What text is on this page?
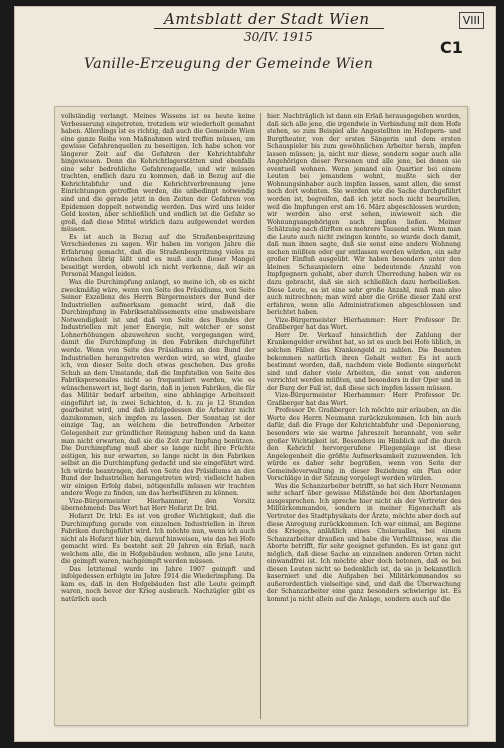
Amtsblatt der Stadt Wien
30/IV. 1915
Vanille-Erzeugung der Gemeinde Wien
VIII
C1

vollständig verlangt. Meines Wissens ist es heute keine Verbesserung eingetreten, trotzdem wir wiederholt gemahnt haben. Allerdings ist es richtig, daß auch die Gemeinde Wien eine ganze Reihe von Maßnahmen wird treffen müssen, um gewisse Gefahrenquellen zu beseitigen. Ich habe schon vor längerer Zeit auf die Gefahren der Kehrichtabfuhr hingewiesen. Denn die Kehrichtlagerstätten sind ebenfalls eine sehr bedrohliche Gefahrenquelle, und wir müssen trachten, endlich dazu zu kommen, daß in Bezug auf die Kehrichtabfuhr und die Kehrichtverbrennung jene Einrichtungen getroffen werden, die unbedingt notwendig sind und die gerade jetzt in den Zeiten der Gefahren von Epidemien doppelt notwendig werden. Das wird uns leider Geld kosten, aber schließlich und endlich ist die Gefahr so groß, daß diese Mittel wirklich dazu aufgewendet werden müssen.

Es ist auch in Bezug auf die Straßenbespritzung Verschiedenes zu sagen. Wir haben im vorigen Jahre die Erfahrung gemacht, daß die Straßenbespritzung vieles zu wünschen übrig läßt und es muß auch dieser Mangel beseitigt werden, obwohl ich nicht verkenne, daß wir an Personal Mangel leiden.

Was die Durchimpfung anlangt, so meine ich, ob es nicht zweckmäßig wäre, wenn von Seite des Präsidiums, von Seite Seiner Exzellenz des Herrn Bürgermeisters der Bund der Industriellen aufmerksam gemacht wird, daß die Durchimpfung in Fabriksetablissements eine unabweisbare Notwendigkeit ist und daß von Seite des Bundes der Industriellen mit jener Energie, mit welcher er sonst Lohnerhöhungen abzuwehren sucht, vorgegangen wird, damit die Durchimpfung in den Fabriken durchgeführt werde. Wenn von Seite des Präsidiums an den Bund der Industriellen herangetreten werden wird, so wird, glaube ich, von dieser Seite doch etwas geschehen. Das große Schuh an dem Umstande, daß die Impfstellen von Seite des Fabrikspersonales nicht so frequentiert werden, wie es wünschenswert ist, liegt darin, daß in jenen Fabriken, die für das Militär bedarf arbeiten, eine abhängige Arbeitszeit eingeführt ist, in zwei Schichten, d. h. zu je 12 Stunden gearbeitet wird, und daß infolgedessen die Arbeiter nicht dazukommen, sich impfen zu lassen. Der Sonntag ist der einzige Tag, an welchem die betreffenden Arbeiter Gelegenheit zur gründlicher Reinigung haben und da kann man nicht erwarten, daß sie die Zeit zur Impfung benützen. Die Durchimpfung muß aber so lange nicht ihre Früchte zeitigen, bis nur erwarten, so lange nicht in den Fabriken selbst an die Durchimpfung gedacht und sie eingeführt wird. Ich würde beantragen, daß von Seite des Präsidiums an den Bund der Industriellen herangetreten wird; vielleicht haben wir einigen Erfolg dabei, nötigenfalls müssen wir trachten andere Wege zu finden, um das herbeiführen zu können.

Vize-Bürgermeister Hierhammer, den Vorsitz übernehmend: Das Wort hat Herr Hofarzt Dr. Irkl.

Hofarzt Dr. Irkl: Es ist von großer Wichtigkeit, daß die Durchimpfung gerade von einzelnen Industriellen in ihren Fabriken durchgeführt wird. Ich möchte nun, wenn ich auch nicht als Hofarzt hier bin, darauf hinweisen, wie das bei Hofe gemacht wird. Es besteht seit 20 Jahren ein Erlaß, nach welchem alle, die in Hofgebäuden wohnen, alle jene Leute, die geimpft waren, nachgeimpft werden müssen.

Das letztemal wurde im Jahre 1907 geimpft und infolgedessen erfolgte im Jahre 1914 die Wiederimpfung. Da kam es, daß in den Hofgebäuden fast alle Leute geimpft waren, noch bevor der Krieg ausbrach. Nachzügler gibt es natürlich auch

hier. Nachträglich ist dann ein Erlaß herausgegeben worden, daß sich alle jene, die irgendwie in Verbindung mit dem Hofe stehen, so zum Beispiel alle Angestellten im Hofopern- und Burgtheater, von der ersten Sängerin und dem ersten Schauspieler bis zum gewöhnlichen Arbeiter herab, impfen lassen müssen; ja, nicht nur diese, sondern sogar auch alle Angehörigen dieser Personen und alle jene, bei denen sie eventuell wohnen. Wenn jemand ein Quartier bei einem Leuten bei jemandem wohnt, mußte sich der Wohnungsinhaber auch impfen lassen, samt allen, die sonst noch dort wohnten. Sie werden wie die Sache durchgeführt worden ist, begreifen, daß ich jetzt noch nicht beurteilen, weil die Impfungen erst am 16. März abgeschlossen wurden; wir werden also erst sehen, inwieweit sich die Wohnungsangehörigen auch impfen ließen. Meiner Schätzung nach dürften es mehrere Tausend sein. Wenn man die Leute auch nicht zwingen konnte, so wurde doch damit, daß man ihnen sagte, daß sie sonst eine andere Wohnung suchen müßten oder gar entlassen werden würden, ein sehr großer Einfluß ausgeübt. Wir haben besonders unter den kleinen Schauspielern eine bedeutende Anzahl von Impfgegnern gehabt, aber durch Überredung haben wir es dazu gebracht, daß sie sich schließlich dazu herbeiließen. Diese Leute, es ist eine sehr große Anzahl, muß man also auch mitrechnen; man wird aber die Größe dieser Zahl erst erfahren, wenn alle Administrationen abgeschlossen und berichtet haben.

Vize-Bürgermeister Hierhammer: Herr Professor Dr. Graßberger hat das Wort.

Herr Dr. Verkauf hinsichtlich der Zahlung der Krankengelder erwähnt hat, so ist es auch bei Hofe üblich, in solchen Fällen das Krankengeld zu zahlen. Die Beamten bekommen natürlich ihren Gehalt weiter. Es ist auch bestimmt worden, daß, nachdem viele Bediente eingerückt sind und daher viele Arbeiten, die sonst von anderen verrichtet werden müßten, und besonders in der Oper und in der Burg der Fall ist, daß diese sich impfen lassen müssen.

Vize-Bürgermeister Hierhammer: Herr Professor Dr. Graßberger hat das Wort.

Professor Dr. Graßberger: Ich möchte mir erlauben, an die Worte des Herrn Neumann zurückzukommen. Ich bin auch dafür, daß die Frage der Kehrichtabfuhr und -Deponierung, besonders wie sie warme Jahreszeit herannaht, von sehr großer Wichtigkeit ist. Besonders im Hinblick auf die durch den Kehricht hervorgerufene Fliegenplage ist diese Angelegenheit die größte Aufmerksamkeit zuzuwenden. Ich würde es daher sehr begrüßen, wenn von Seite der Gemeindeverwaltung in dieser Beziehung ein Plan oder Vorschläge in der Sitzung vorgelegt werden würden.

Was die Schanzarbeiter betrifft, so hat sich Herr Neumann sehr scharf über gewisse Mißstände bei den Abortanlagen ausgesprochen. Ich spreche hier nicht als der Vertreter des Militärkommandos, sondern in meiner Eigenschaft als Vertreter des Stadtphysikats der Ärzte, möchte aber doch auf diese Anregung zurückkommen. Ich war einmal, am Beginne des Krieges, anläßlich eines Choleraalles, bei einem Schanzarbeiter draußen und habe die Verhältnisse, was die Aborte betrifft, für sehr geeignet gefunden. Es ist ganz gut möglich, daß diese Sache an einzelnen anderen Orten nicht einwandfrei ist. Ich möchte aber doch betonen, daß es bei diesen Leuten nicht so bedenklich ist, da sie ja bekanntlich kaserniert und die Aufgaben bei Militärkommandos so außerordentlich vielseitige sind, und daß die Überwachung der Schanzarbeiter eine ganz besonders schwierige ist. Es kommt ja nicht allein auf die Anlage, sondern auch auf die
